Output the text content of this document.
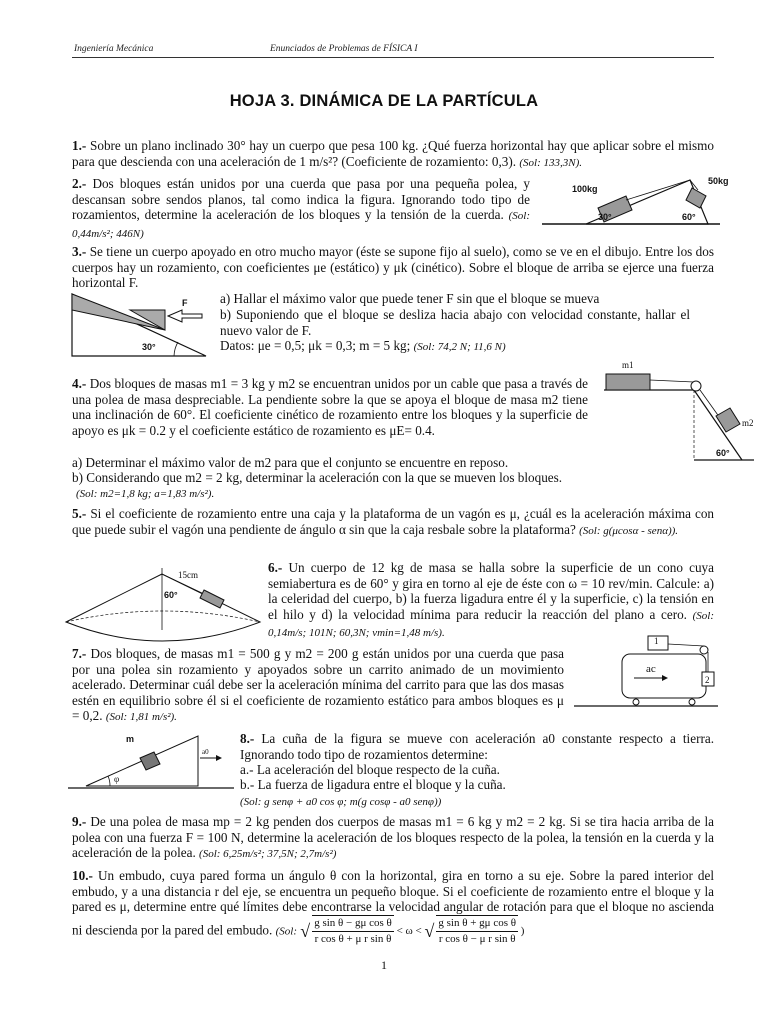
Ingeniería Mecánica	Enunciados de Problemas de FÍSICA I
HOJA 3. DINÁMICA DE LA PARTÍCULA
1.- Sobre un plano inclinado 30° hay un cuerpo que pesa 100 kg. ¿Qué fuerza horizontal hay que aplicar sobre el mismo para que descienda con una aceleración de 1 m/s²? (Coeficiente de rozamiento: 0,3). (Sol: 133,3N).
2.- Dos bloques están unidos por una cuerda que pasa por una pequeña polea, y descansan sobre sendos planos, tal como indica la figura. Ignorando todo tipo de rozamientos, determine la aceleración de los bloques y la tensión de la cuerda. (Sol: 0,44m/s²; 446N)
100kg
50kg
30°	60°
3.- Se tiene un cuerpo apoyado en otro mucho mayor (éste se supone fijo al suelo), como se ve en el dibujo. Entre los dos cuerpos hay un rozamiento, con coeficientes μe (estático) y μk (cinético). Sobre el bloque de arriba se ejerce una fuerza horizontal F.
F
30°
a) Hallar el máximo valor que puede tener F sin que el bloque se mueva
b) Suponiendo que el bloque se desliza hacia abajo con velocidad constante, hallar el nuevo valor de F.
Datos: μe = 0,5; μk = 0,3; m = 5 kg; (Sol: 74,2 N; 11,6 N)
4.- Dos bloques de masas m1 = 3 kg y m2 se encuentran unidos por un cable que pasa a través de una polea de masa despreciable. La pendiente sobre la que se apoya el bloque de masa m2 tiene una inclinación de 60°. El coeficiente cinético de rozamiento entre los bloques y la superficie de apoyo es μk = 0.2 y el coeficiente estático de rozamiento es μE= 0.4.
a) Determinar el máximo valor de m2 para que el conjunto se encuentre en reposo.
b) Considerando que m2 = 2 kg, determinar la aceleración con la que se mueven los bloques.
(Sol: m2=1,8 kg; a=1,83 m/s²).
m1
m2
60°
5.- Si el coeficiente de rozamiento entre una caja y la plataforma de un vagón es μ, ¿cuál es la aceleración máxima con que puede subir el vagón una pendiente de ángulo α sin que la caja resbale sobre la plataforma? (Sol: g(μcosα - senα)).
15cm
60°
6.- Un cuerpo de 12 kg de masa se halla sobre la superficie de un cono cuya semiabertura es de 60° y gira en torno al eje de éste con ω = 10 rev/min. Calcule: a) la celeridad del cuerpo, b) la fuerza ligadura entre él y la superficie, c) la tensión en el hilo y d) la velocidad mínima para reducir la reacción del plano a cero. (Sol: 0,14m/s; 101N; 60,3N; vmin=1,48 m/s).
7.- Dos bloques, de masas m1 = 500 g y m2 = 200 g están unidos por una cuerda que pasa por una polea sin rozamiento y apoyados sobre un carrito animado de un movimiento acelerado. Determinar cuál debe ser la aceleración mínima del carrito para que las dos masas estén en equilibrio sobre él si el coeficiente de rozamiento estático para ambos bloques es μ = 0,2. (Sol: 1,81 m/s²).
1
2
ac
m
a0
φ
8.- La cuña de la figura se mueve con aceleración a0 constante respecto a tierra. Ignorando todo tipo de rozamientos determine:
a.- La aceleración del bloque respecto de la cuña.
b.- La fuerza de ligadura entre el bloque y la cuña.
(Sol: g senφ + a0 cos φ; m(g cosφ - a0 senφ))
9.- De una polea de masa mp = 2 kg penden dos cuerpos de masas m1 = 6 kg y m2 = 2 kg. Si se tira hacia arriba de la polea con una fuerza F = 100 N, determine la aceleración de los bloques respecto de la polea, la tensión en la cuerda y la aceleración de la polea. (Sol: 6,25m/s²; 37,5N; 2,7m/s²)
10.- Un embudo, cuya pared forma un ángulo θ con la horizontal, gira en torno a su eje. Sobre la pared interior del embudo, y a una distancia r del eje, se encuentra un pequeño bloque. Si el coeficiente de rozamiento entre el bloque y la pared es μ, determine entre qué límites debe encontrarse la velocidad angular de rotación para que el bloque no ascienda ni descienda por la pared del embudo. (Sol: √ $\frac{\text{g sin θ − gμ cos θ}}{\text{r cos θ + μ r sin θ}} < \omega$ < √ $\frac{\text{g sin θ + gμ cos θ}}{\text{r cos θ − μ r sin θ}}$ )
1
